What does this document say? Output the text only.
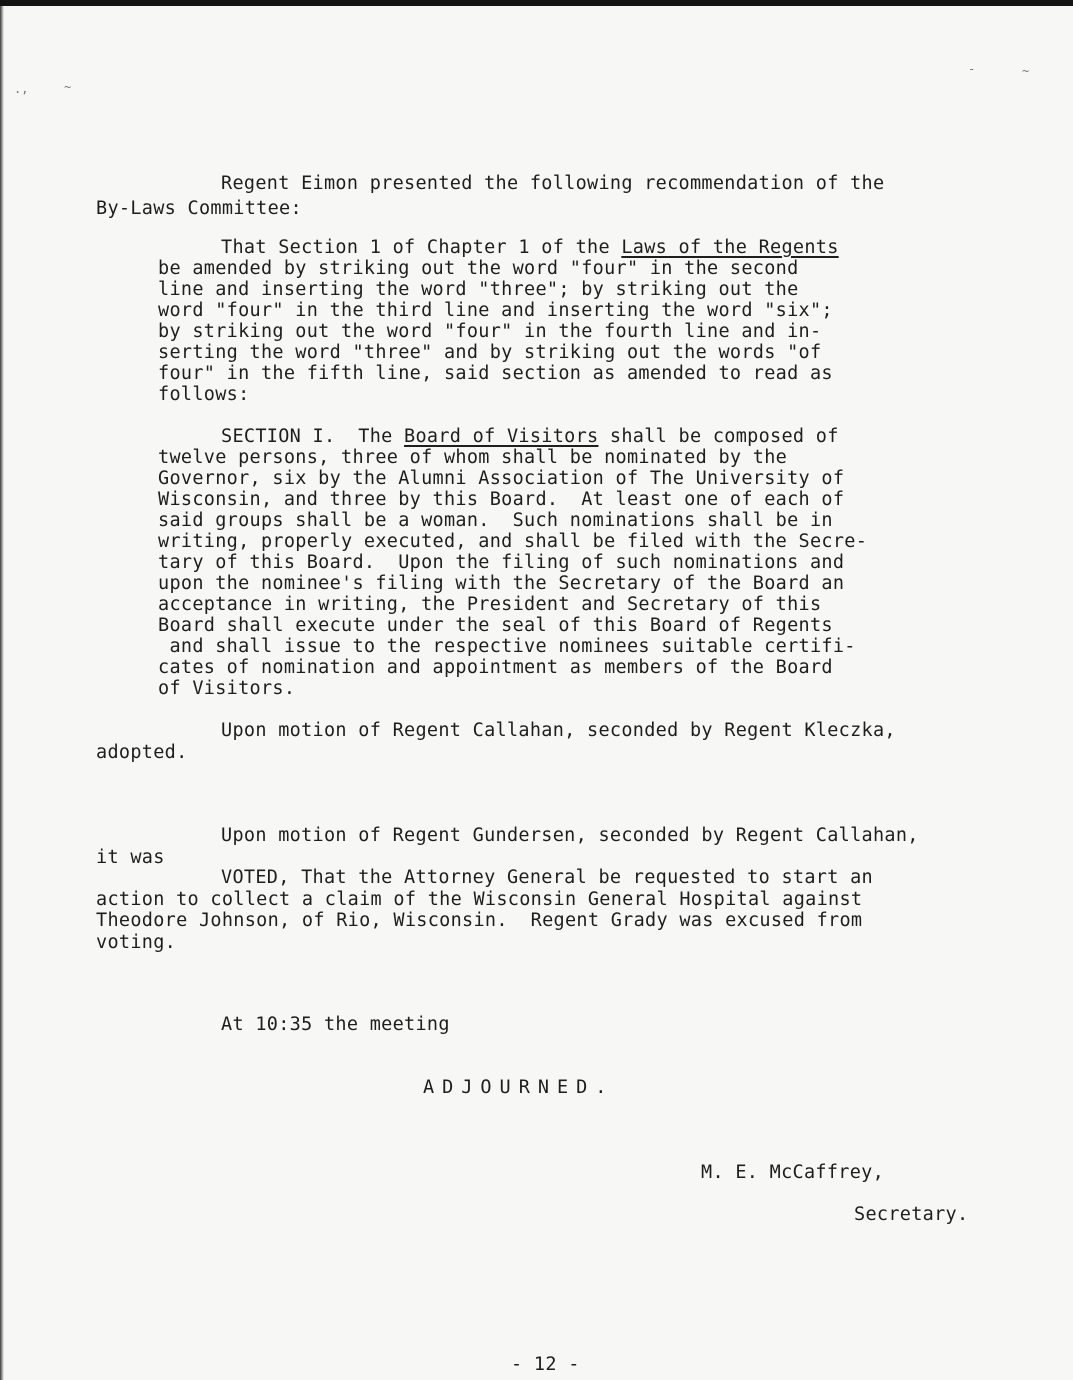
.,	~
-	~

Regent Eimon presented the following recommendation of the

By-Laws Committee:

That Section 1 of Chapter 1 of the Laws of the Regents

be amended by striking out the word "four" in the second
line and inserting the word "three"; by striking out the
word "four" in the third line and inserting the word "six";
by striking out the word "four" in the fourth line and in-
serting the word "three" and by striking out the words "of
four" in the fifth line, said section as amended to read as
follows:

SECTION I.  The Board of Visitors shall be composed of

twelve persons, three of whom shall be nominated by the
Governor, six by the Alumni Association of The University of
Wisconsin, and three by this Board.  At least one of each of
said groups shall be a woman.  Such nominations shall be in
writing, properly executed, and shall be filed with the Secre-
tary of this Board.  Upon the filing of such nominations and
upon the nominee's filing with the Secretary of the Board an
acceptance in writing, the President and Secretary of this
Board shall execute under the seal of this Board of Regents
and shall issue to the respective nominees suitable certifi-
cates of nomination and appointment as members of the Board
of Visitors.

Upon motion of Regent Callahan, seconded by Regent Kleczka,

adopted.

Upon motion of Regent Gundersen, seconded by Regent Callahan,

it was

VOTED, That the Attorney General be requested to start an

action to collect a claim of the Wisconsin General Hospital against

Theodore Johnson, of Rio, Wisconsin.  Regent Grady was excused from

voting.

At 10:35 the meeting

ADJOURNED.

M. E. McCaffrey,

Secretary.

- 12 -
